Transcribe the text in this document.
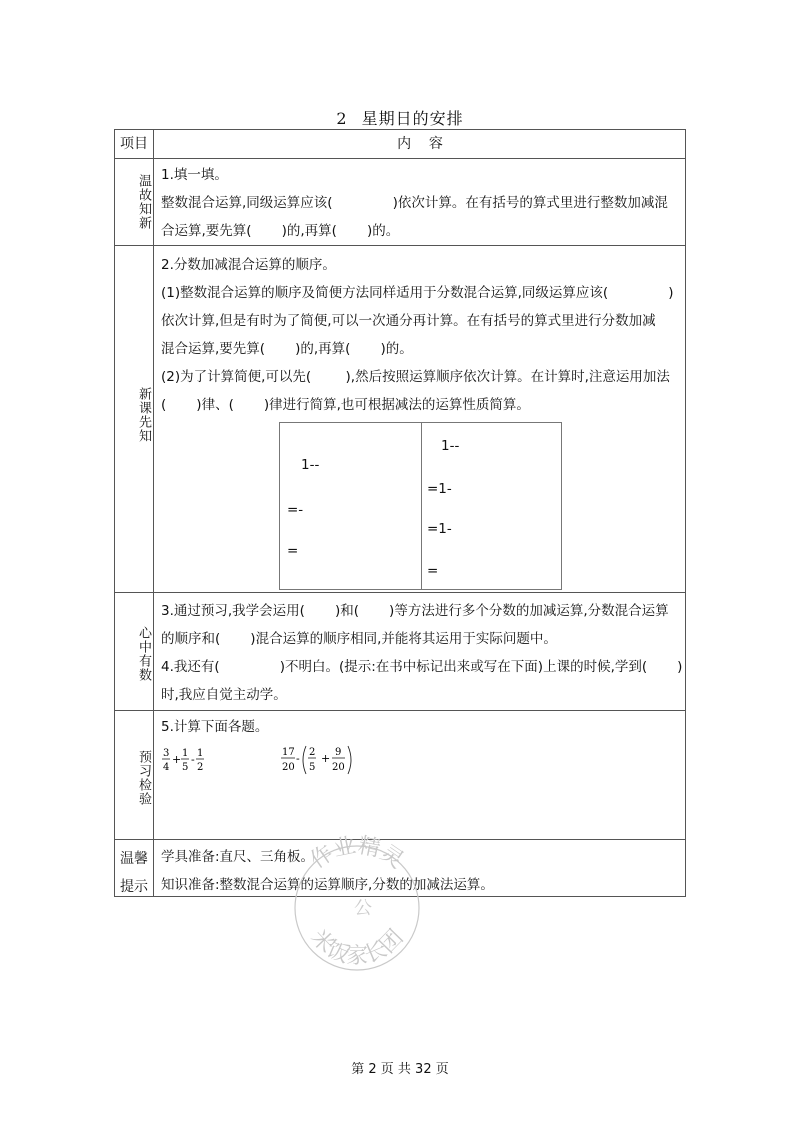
2 星期日的安排
项目	内    容
温故知新 1.填一填。
整数混合运算,同级运算应该(              )依次计算。在有括号的算式里进行整数加减混
合运算,要先算(       )的,再算(       )的。
新课先知
2.分数加减混合运算的顺序。
(1)整数混合运算的顺序及简便方法同样适用于分数混合运算,同级运算应该(              )
依次计算,但是有时为了简便,可以一次通分再计算。在有括号的算式里进行分数加减
混合运算,要先算(       )的,再算(       )的。
(2)为了计算简便,可以先(        ),然后按照运算顺序依次计算。在计算时,注意运用加法
(       )律、(       )律进行简算,也可根据减法的运算性质简算。
1--
=-
=
1--
=1-
=1-
=
心中有数
3.通过预习,我学会运用(       )和(       )等方法进行多个分数的加减运算,分数混合运算
的顺序和(       )混合运算的顺序相同,并能将其运用于实际问题中。
4.我还有(              )不明白。(提示:在书中标记出来或写在下面)上课的时候,学到(       )
时,我应自觉主动学。
预习检验
5.计算下面各题。
3
4
+ 1
5
- 1
2
17
20
- 2
5
+ 9
20
温馨
提示
学具准备:直尺、三角板。
知识准备:整数混合运算的运算顺序,分数的加减法运算。
作业精灵
米饭家长团
公
第 2 页 共 32 页
